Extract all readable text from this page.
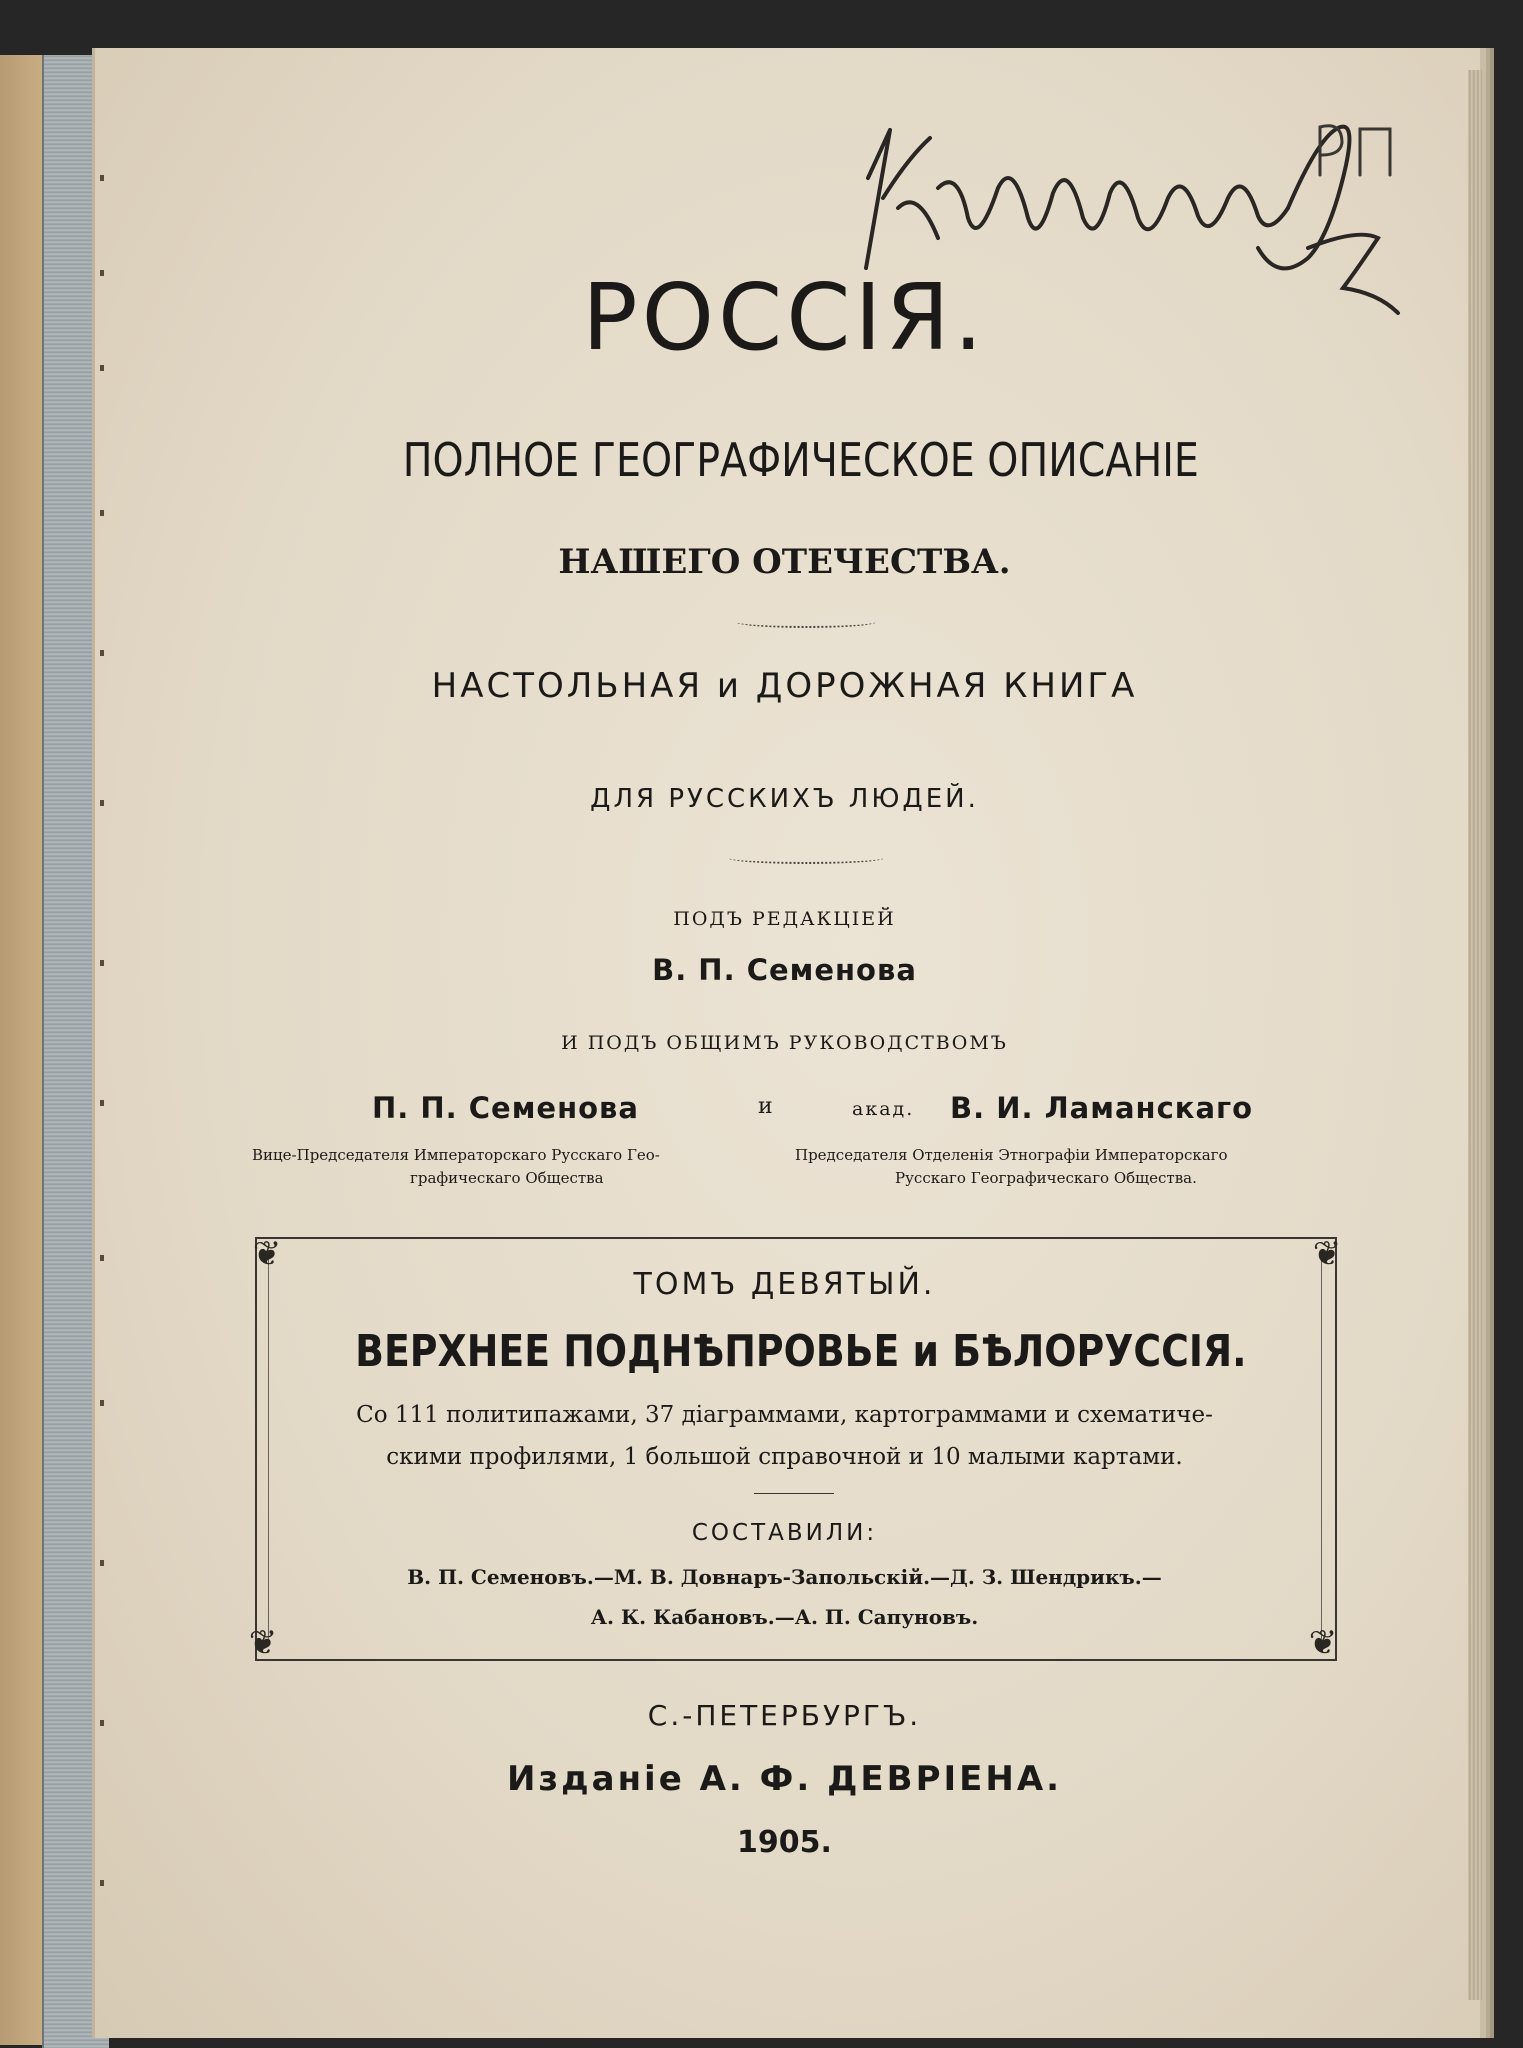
РОССІЯ.
ПОЛНОЕ ГЕОГРАФИЧЕСКОЕ ОПИСАНІЕ
НАШЕГО ОТЕЧЕСТВА.
НАСТОЛЬНАЯ и ДОРОЖНАЯ КНИГА
ДЛЯ РУССКИХЪ ЛЮДЕЙ.
ПОДЪ РЕДАКЦІЕЙ
В. П. Семенова
И ПОДЪ ОБЩИМЪ РУКОВОДСТВОМЪ
П. П. Семенова	и	акад. В. И. Ламанскаго
Вице-Председателя Императорскаго Русскаго Гео-
графическаго Общества
Председателя Отделенія Этнографіи Императорскаго
Русскаго Географическаго Общества.
❦	❦
❦	❦
ТОМЪ ДЕВЯТЫЙ.
ВЕРХНЕЕ ПОДНѢПРОВЬЕ и БѢЛОРУССІЯ.
Со 111 политипажами, 37 діаграммами, картограммами и схематиче-
скими профилями, 1 большой справочной и 10 малыми картами.
СОСТАВИЛИ:
В. П. Семеновъ.—М. В. Довнаръ-Запольскій.—Д. З. Шендрикъ.—
А. К. Кабановъ.—А. П. Сапуновъ.
С.-ПЕТЕРБУРГЪ.
Изданіе А. Ф. ДЕВРІЕНА.
1905.
